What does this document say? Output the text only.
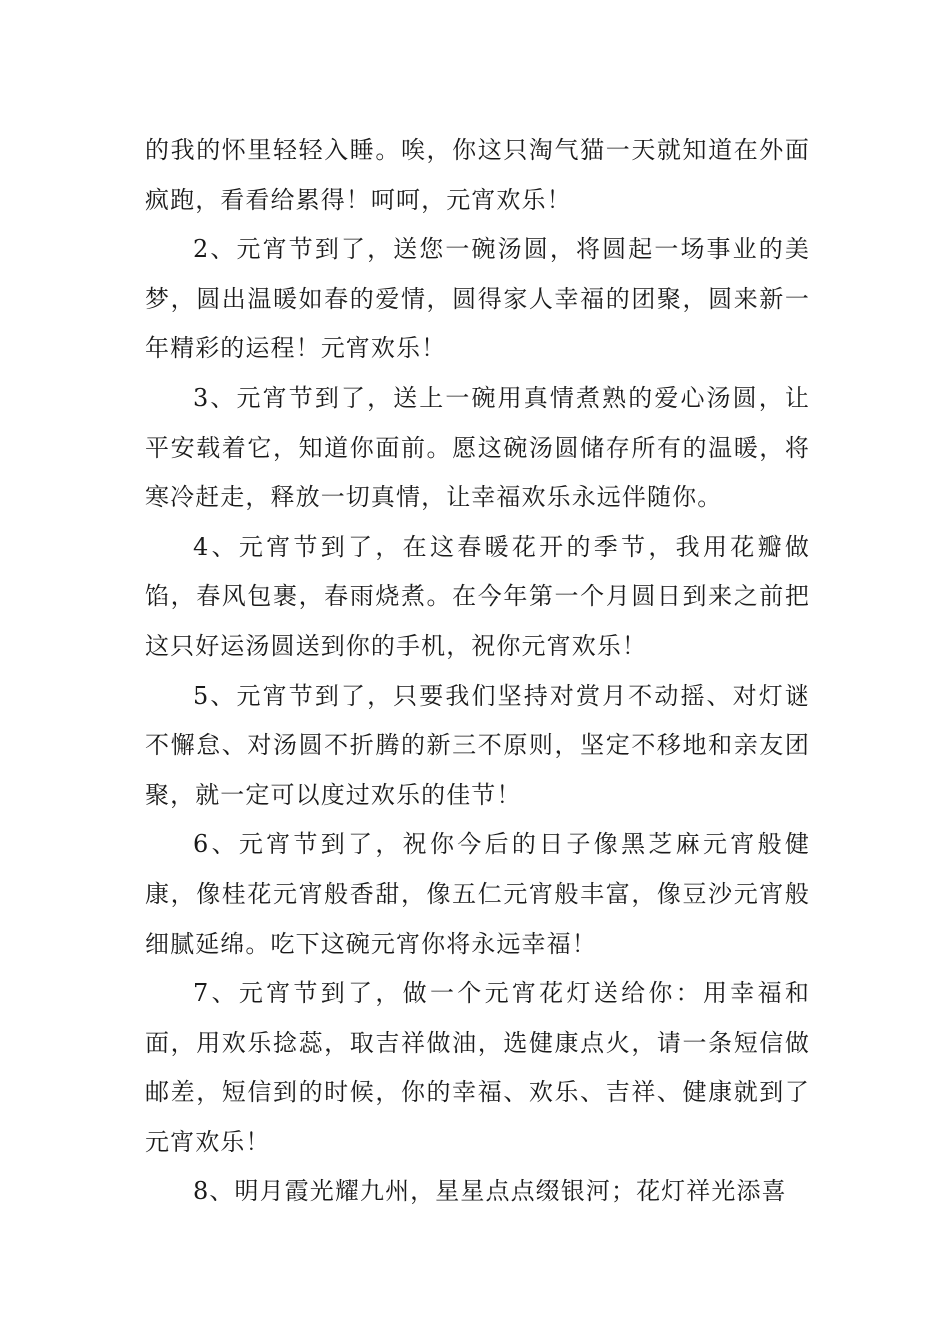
的我的怀里轻轻入睡。唉，你这只淘气猫一天就知道在外面疯跑，看看给累得！呵呵，元宵欢乐！

2、元宵节到了，送您一碗汤圆，将圆起一场事业的美梦，圆出温暖如春的爱情，圆得家人幸福的团聚，圆来新一年精彩的运程！元宵欢乐！

3、元宵节到了，送上一碗用真情煮熟的爱心汤圆，让平安载着它，知道你面前。愿这碗汤圆储存所有的温暖，将寒冷赶走，释放一切真情，让幸福欢乐永远伴随你。

4、元宵节到了，在这春暖花开的季节，我用花瓣做馅，春风包裹，春雨烧煮。在今年第一个月圆日到来之前把这只好运汤圆送到你的手机，祝你元宵欢乐！

5、元宵节到了，只要我们坚持对赏月不动摇、对灯谜不懈怠、对汤圆不折腾的新三不原则，坚定不移地和亲友团聚，就一定可以度过欢乐的佳节！

6、元宵节到了，祝你今后的日子像黑芝麻元宵般健康，像桂花元宵般香甜，像五仁元宵般丰富，像豆沙元宵般细腻延绵。吃下这碗元宵你将永远幸福！

7、元宵节到了，做一个元宵花灯送给你：用幸福和面，用欢乐捻蕊，取吉祥做油，选健康点火，请一条短信做邮差，短信到的时候，你的幸福、欢乐、吉祥、健康就到了元宵欢乐！

8、明月霞光耀九州，星星点点缀银河；花灯祥光添喜
